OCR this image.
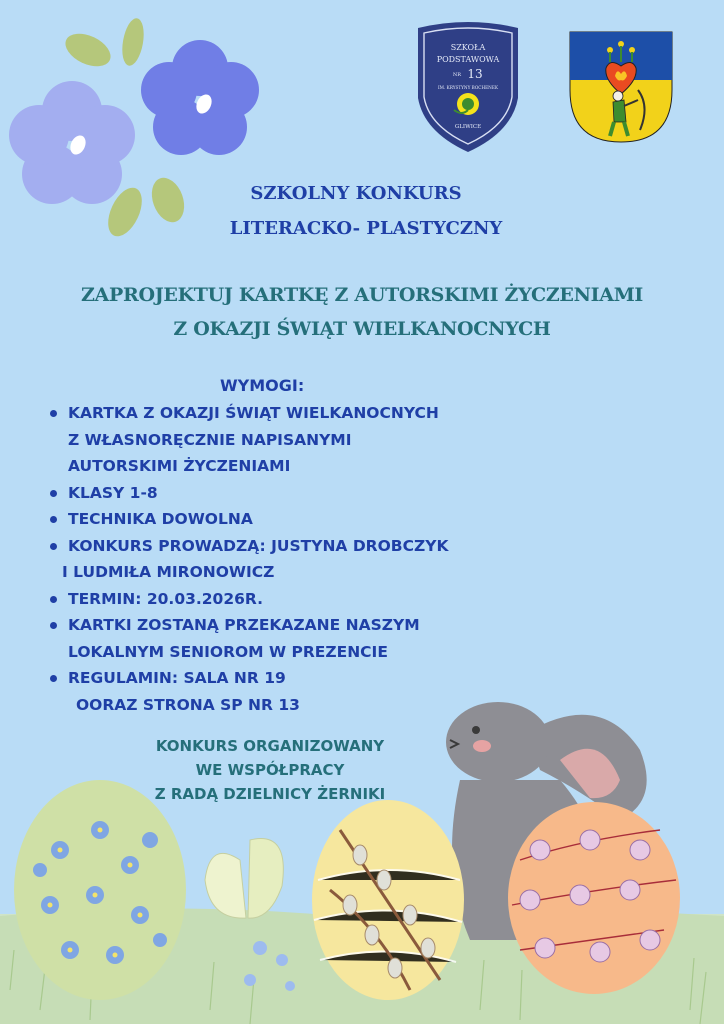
SZKOŁA
PODSTAWOWA
NR 13
IM. KRYSTYNY BOCHENEK
GLIWICE
SZKOLNY KONKURS
LITERACKO- PLASTYCZNY
ZAPROJEKTUJ KARTKĘ Z AUTORSKIMI ŻYCZENIAMI
Z OKAZJI ŚWIĄT WIELKANOCNYCH
WYMOGI:
KARTKA Z OKAZJI ŚWIĄT WIELKANOCNYCH
Z WŁASNORĘCZNIE NAPISANYMI
AUTORSKIMI ŻYCZENIAMI
KLASY 1-8
TECHNIKA DOWOLNA
KONKURS PROWADZĄ: JUSTYNA DROBCZYK
I LUDMIŁA MIRONOWICZ
TERMIN: 20.03.2026R.
KARTKI ZOSTANĄ PRZEKAZANE NASZYM
LOKALNYM SENIOROM W PREZENCIE
REGULAMIN: SALA NR 19
OORAZ STRONA SP NR 13
KONKURS ORGANIZOWANY
WE WSPÓŁPRACY
Z RADĄ DZIELNICY ŻERNIKI
